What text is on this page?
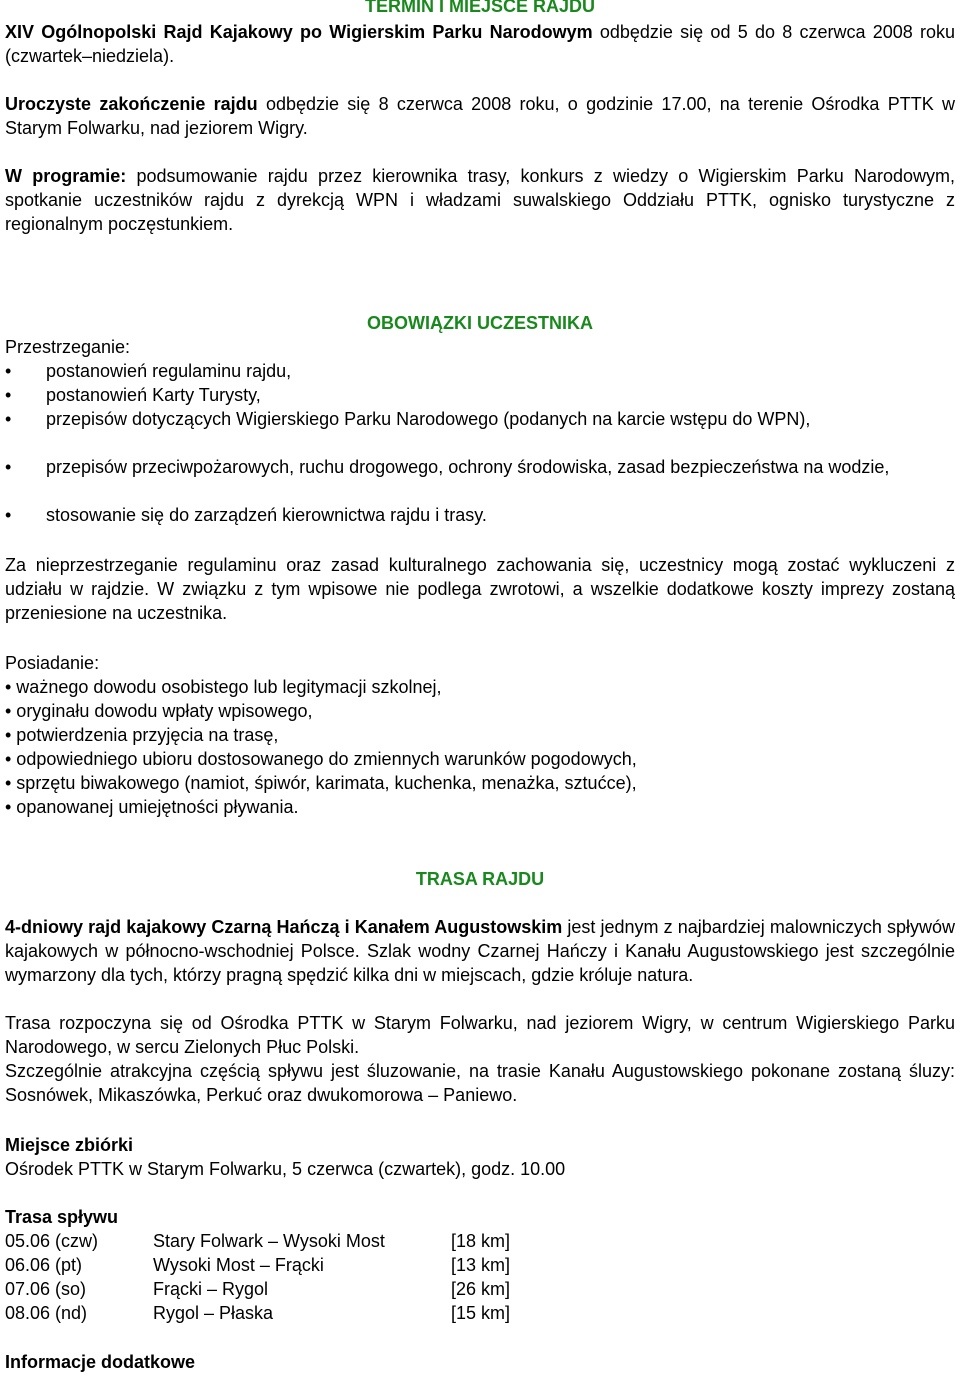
TERMIN I MIEJSCE RAJDU
XIV Ogólnopolski Rajd Kajakowy po Wigierskim Parku Narodowym odbędzie się od 5 do 8 czerwca 2008 roku (czwartek–niedziela).
Uroczyste zakończenie rajdu odbędzie się 8 czerwca 2008 roku, o godzinie 17.00, na terenie Ośrodka PTTK w Starym Folwarku, nad jeziorem Wigry.
W programie: podsumowanie rajdu przez kierownika trasy, konkurs z wiedzy o Wigierskim Parku Narodowym, spotkanie uczestników rajdu z dyrekcją WPN i władzami suwalskiego Oddziału PTTK, ognisko turystyczne z regionalnym poczęstunkiem.
OBOWIĄZKI UCZESTNIKA
Przestrzeganie:
• postanowień regulaminu rajdu,
• postanowień Karty Turysty,
• przepisów dotyczących Wigierskiego Parku Narodowego (podanych na karcie wstępu do WPN),
• przepisów przeciwpożarowych, ruchu drogowego, ochrony środowiska, zasad bezpieczeństwa na wodzie,
• stosowanie się do zarządzeń kierownictwa rajdu i trasy.
Za nieprzestrzeganie regulaminu oraz zasad kulturalnego zachowania się, uczestnicy mogą zostać wykluczeni z udziału w rajdzie. W związku z tym wpisowe nie podlega zwrotowi, a wszelkie dodatkowe koszty imprezy zostaną przeniesione na uczestnika.
Posiadanie:
• ważnego dowodu osobistego lub legitymacji szkolnej,
• oryginału dowodu wpłaty wpisowego,
• potwierdzenia przyjęcia na trasę,
• odpowiedniego ubioru dostosowanego do zmiennych warunków pogodowych,
• sprzętu biwakowego (namiot, śpiwór, karimata, kuchenka, menażka, sztućce),
• opanowanej umiejętności pływania.
TRASA RAJDU
4-dniowy rajd kajakowy Czarną Hańczą i Kanałem Augustowskim jest jednym z najbardziej malowniczych spływów kajakowych w północno-wschodniej Polsce. Szlak wodny Czarnej Hańczy i Kanału Augustowskiego jest szczególnie wymarzony dla tych, którzy pragną spędzić kilka dni w miejscach, gdzie króluje natura.
Trasa rozpoczyna się od Ośrodka PTTK w Starym Folwarku, nad jeziorem Wigry, w centrum Wigierskiego Parku Narodowego, w sercu Zielonych Płuc Polski.
Szczególnie atrakcyjna częścią spływu jest śluzowanie, na trasie Kanału Augustowskiego pokonane zostaną śluzy: Sosnówek, Mikaszówka, Perkuć oraz dwukomorowa – Paniewo.
Miejsce zbiórki
Ośrodek PTTK w Starym Folwarku, 5 czerwca (czwartek), godz. 10.00
Trasa spływu
05.06 (czw)	Stary Folwark – Wysoki Most	[18 km]
06.06 (pt)	Wysoki Most – Frącki	[13 km]
07.06 (so)	Frącki – Rygol	[26 km]
08.06 (nd)	Rygol – Płaska	[15 km]
Informacje dodatkowe
